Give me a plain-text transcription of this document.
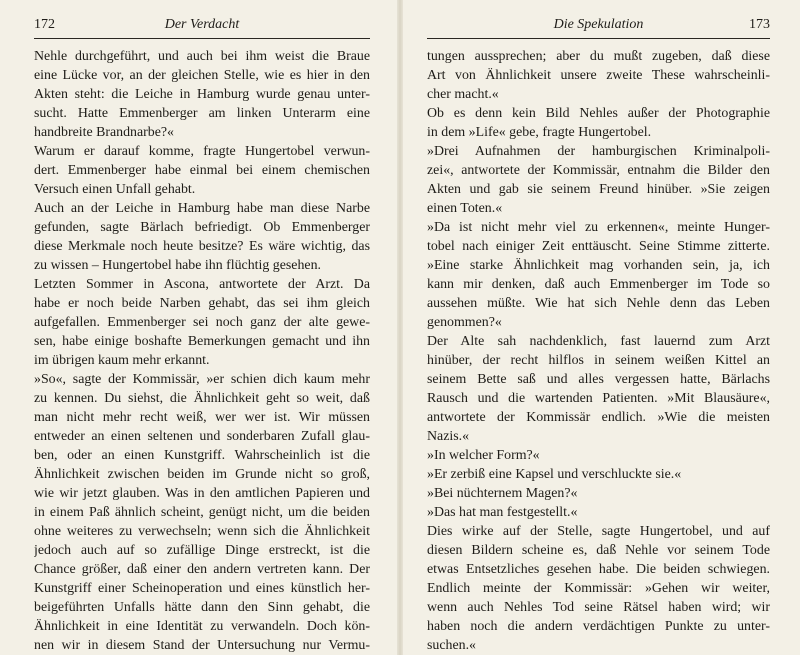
172	Der Verdacht

Nehle durchgeführt, und auch bei ihm weist die Braue

eine Lücke vor, an der gleichen Stelle, wie es hier in den

Akten steht: die Leiche in Hamburg wurde genau unter-

sucht. Hatte Emmenberger am linken Unterarm eine

handbreite Brandnarbe?«

Warum er darauf komme, fragte Hungertobel verwun-

dert. Emmenberger habe einmal bei einem chemischen

Versuch einen Unfall gehabt.

Auch an der Leiche in Hamburg habe man diese Narbe

gefunden, sagte Bärlach befriedigt. Ob Emmenberger

diese Merkmale noch heute besitze? Es wäre wichtig, das

zu wissen – Hungertobel habe ihn flüchtig gesehen.

Letzten Sommer in Ascona, antwortete der Arzt. Da

habe er noch beide Narben gehabt, das sei ihm gleich

aufgefallen. Emmenberger sei noch ganz der alte gewe-

sen, habe einige boshafte Bemerkungen gemacht und ihn

im übrigen kaum mehr erkannt.

»So«, sagte der Kommissär, »er schien dich kaum mehr

zu kennen. Du siehst, die Ähnlichkeit geht so weit, daß

man nicht mehr recht weiß, wer wer ist. Wir müssen

entweder an einen seltenen und sonderbaren Zufall glau-

ben, oder an einen Kunstgriff. Wahrscheinlich ist die

Ähnlichkeit zwischen beiden im Grunde nicht so groß,

wie wir jetzt glauben. Was in den amtlichen Papieren und

in einem Paß ähnlich scheint, genügt nicht, um die beiden

ohne weiteres zu verwechseln; wenn sich die Ähnlichkeit

jedoch auch auf so zufällige Dinge erstreckt, ist die

Chance größer, daß einer den andern vertreten kann. Der

Kunstgriff einer Scheinoperation und eines künstlich her-

beigeführten Unfalls hätte dann den Sinn gehabt, die

Ähnlichkeit in eine Identität zu verwandeln. Doch kön-

nen wir in diesem Stand der Untersuchung nur Vermu-

173
Die Spekulation

tungen aussprechen; aber du mußt zugeben, daß diese

Art von Ähnlichkeit unsere zweite These wahrscheinli-

cher macht.«

Ob es denn kein Bild Nehles außer der Photographie

in dem »Life« gebe, fragte Hungertobel.

»Drei Aufnahmen der hamburgischen Kriminalpoli-

zei«, antwortete der Kommissär, entnahm die Bilder den

Akten und gab sie seinem Freund hinüber. »Sie zeigen

einen Toten.«

»Da ist nicht mehr viel zu erkennen«, meinte Hunger-

tobel nach einiger Zeit enttäuscht. Seine Stimme zitterte.

»Eine starke Ähnlichkeit mag vorhanden sein, ja, ich

kann mir denken, daß auch Emmenberger im Tode so

aussehen müßte. Wie hat sich Nehle denn das Leben

genommen?«

Der Alte sah nachdenklich, fast lauernd zum Arzt

hinüber, der recht hilflos in seinem weißen Kittel an

seinem Bette saß und alles vergessen hatte, Bärlachs

Rausch und die wartenden Patienten. »Mit Blausäure«,

antwortete der Kommissär endlich. »Wie die meisten

Nazis.«

»In welcher Form?«

»Er zerbiß eine Kapsel und verschluckte sie.«

»Bei nüchternem Magen?«

»Das hat man festgestellt.«

Dies wirke auf der Stelle, sagte Hungertobel, und auf

diesen Bildern scheine es, daß Nehle vor seinem Tode

etwas Entsetzliches gesehen habe. Die beiden schwiegen.

Endlich meinte der Kommissär: »Gehen wir weiter,

wenn auch Nehles Tod seine Rätsel haben wird; wir

haben noch die andern verdächtigen Punkte zu unter-

suchen.«
